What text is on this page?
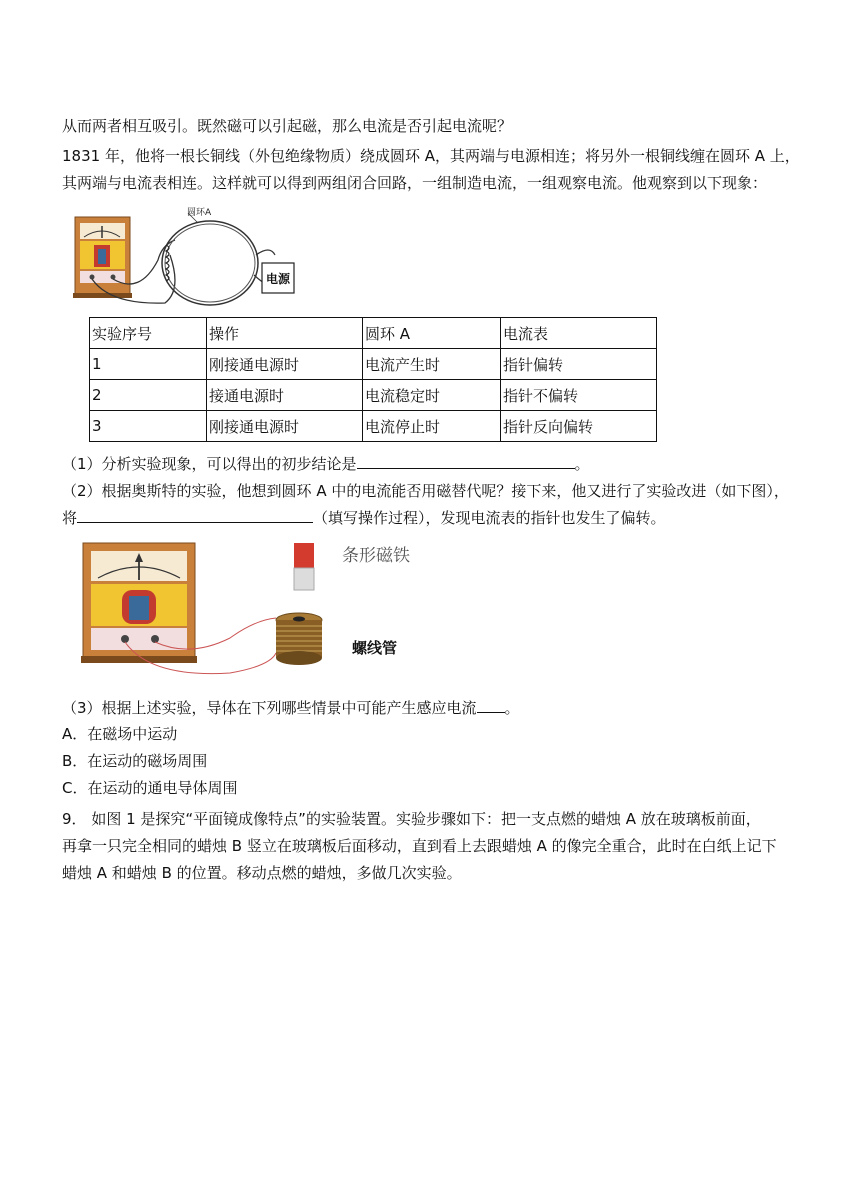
从而两者相互吸引。既然磁可以引起磁，那么电流是否引起电流呢？
1831 年，他将一根长铜线（外包绝缘物质）绕成圆环 A，其两端与电源相连；将另外一根铜线缠在圆环 A 上，
其两端与电流表相连。这样就可以得到两组闭合回路，一组制造电流，一组观察电流。他观察到以下现象：
圆环A
电源
实验序号	操作	圆环 A	电流表
1	刚接通电源时	电流产生时	指针偏转
2	接通电源时	电流稳定时	指针不偏转
3	刚接通电源时	电流停止时	指针反向偏转
（1）分析实验现象，可以得出的初步结论是	。
（2）根据奥斯特的实验，他想到圆环 A 中的电流能否用磁替代呢？接下来，他又进行了实验改进（如下图），
将	（填写操作过程），发现电流表的指针也发生了偏转。
条形磁铁
螺线管
（3）根据上述实验，导体在下列哪些情景中可能产生感应电流 。
A．在磁场中运动
B．在运动的磁场周围
C．在运动的通电导体周围
9． 如图 1 是探究“平面镜成像特点”的实验装置。实验步骤如下：把一支点燃的蜡烛 A 放在玻璃板前面，
再拿一只完全相同的蜡烛 B 竖立在玻璃板后面移动，直到看上去跟蜡烛 A 的像完全重合，此时在白纸上记下
蜡烛 A 和蜡烛 B 的位置。移动点燃的蜡烛，多做几次实验。
